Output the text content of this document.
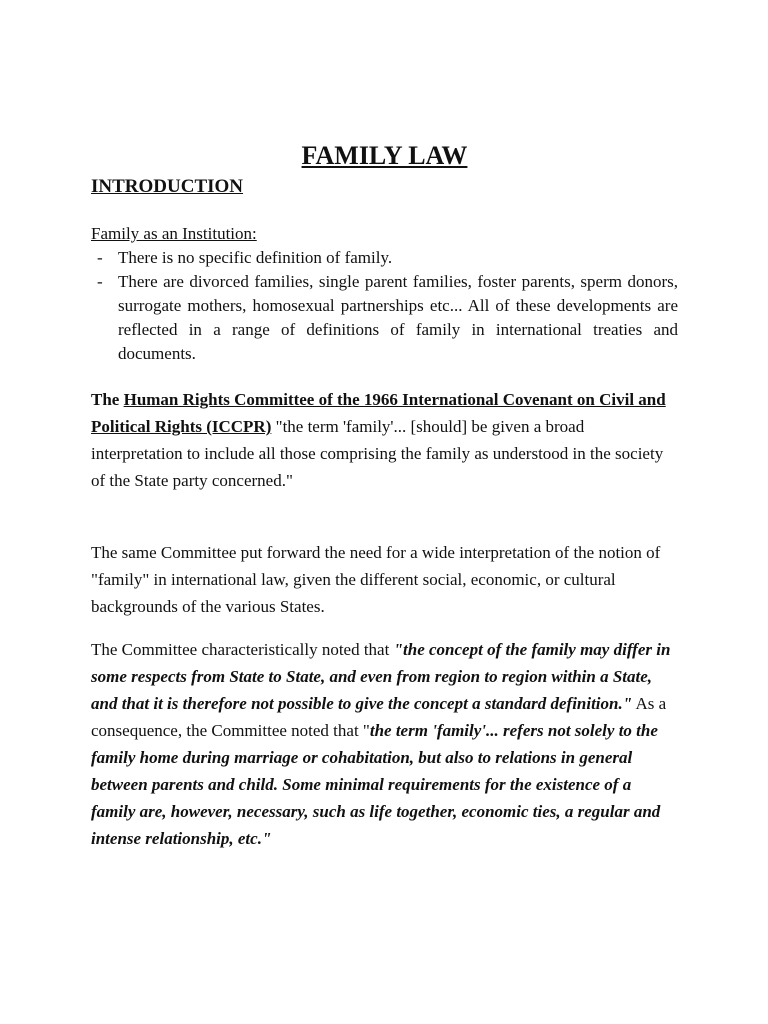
FAMILY LAW
INTRODUCTION
Family as an Institution:
- There is no specific definition of family.
- There are divorced families, single parent families, foster parents, sperm donors, surrogate mothers, homosexual partnerships etc... All of these developments are reflected in a range of definitions of family in international treaties and documents.

The Human Rights Committee of the 1966 International Covenant on Civil and Political Rights (ICCPR) "the term 'family'... [should] be given a broad interpretation to include all those comprising the family as understood in the society of the State party concerned."

The same Committee put forward the need for a wide interpretation of the notion of "family" in international law, given the different social, economic, or cultural backgrounds of the various States.

The Committee characteristically noted that "the concept of the family may differ in some respects from State to State, and even from region to region within a State, and that it is therefore not possible to give the concept a standard definition." As a consequence, the Committee noted that "the term 'family'... refers not solely to the family home during marriage or cohabitation, but also to relations in general between parents and child. Some minimal requirements for the existence of a family are, however, necessary, such as life together, economic ties, a regular and intense relationship, etc."
